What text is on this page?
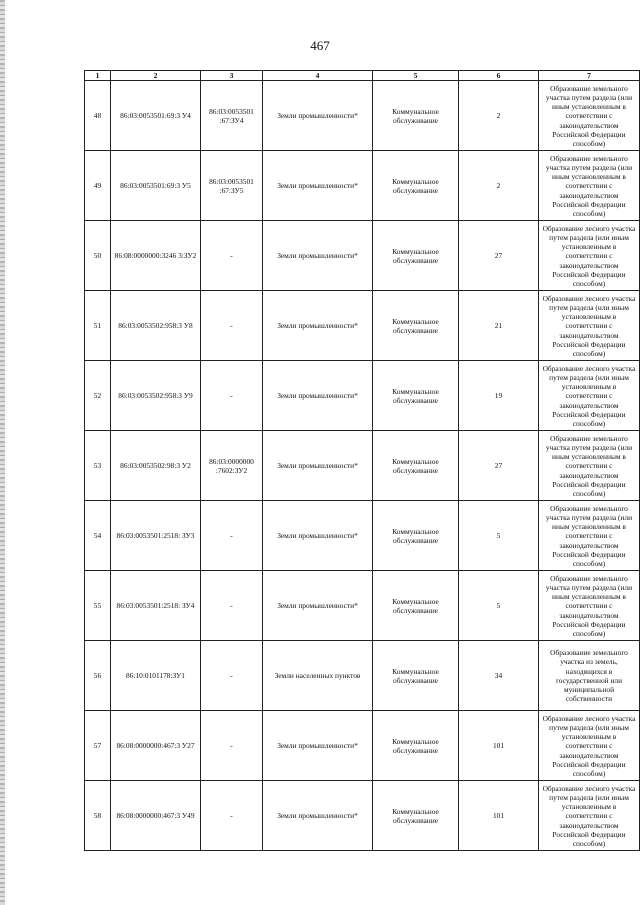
467
1	2	3	4	5	6	7
48	86:03:0053501:69:3 У4	86:03:0053501 :67:ЗУ4	Земли промышленности*	Коммунальное обслуживание	2	Образование земельного участка путем раздела (или иным установленным в соответствии с законодательством Российской Федерации способом)
49	86:03:0053501:69:3 У5	86:03:0053501 :67:ЗУ5	Земли промышленности*	Коммунальное обслуживание	2	Образование земельного участка путем раздела (или иным установленным в соответствии с законодательством Российской Федерации способом)
50	86:08:0000000:3246 3:ЗУ2	-	Земли промышленности*	Коммунальное обслуживание	27	Образование лесного участка путем раздела (или иным установленным в соответствии с законодательством Российской Федерации способом)
51	86:03:0053502:958:3 У8	-	Земли промышленности*	Коммунальное обслуживание	21	Образование лесного участка путем раздела (или иным установленным в соответствии с законодательством Российской Федерации способом)
52	86:03:0053502:958:3 У9	-	Земли промышленности*	Коммунальное обслуживание	19	Образование лесного участка путем раздела (или иным установленным в соответствии с законодательством Российской Федерации способом)
53	86:03:0053502:98:3 У2	86:03:0000000 :7602:ЗУ2	Земли промышленности*	Коммунальное обслуживание	27	Образование земельного участка путем раздела (или иным установленным в соответствии с законодательством Российской Федерации способом)
54	86:03:0053501:2518: ЗУ3	-	Земли промышленности*	Коммунальное обслуживание	5	Образование земельного участка путем раздела (или иным установленным в соответствии с законодательством Российской Федерации способом)
55	86:03:0053501:2518: ЗУ4	-	Земли промышленности*	Коммунальное обслуживание	5	Образование земельного участка путем раздела (или иным установленным в соответствии с законодательством Российской Федерации способом)
56	86:10:0101178:ЗУ1	-	Земли населенных пунктов	Коммунальное обслуживание	34	Образование земельного участка из земель, находящихся в государственной или муниципальной собственности
57	86:08:0000000:467:3 У27	-	Земли промышленности*	Коммунальное обслуживание	101	Образование лесного участка путем раздела (или иным установленным в соответствии с законодательством Российской Федерации способом)
58	86:08:0000000:467:3 У49	-	Земли промышленности*	Коммунальное обслуживание	101	Образование лесного участка путем раздела (или иным установленным в соответствии с законодательством Российской Федерации способом)
